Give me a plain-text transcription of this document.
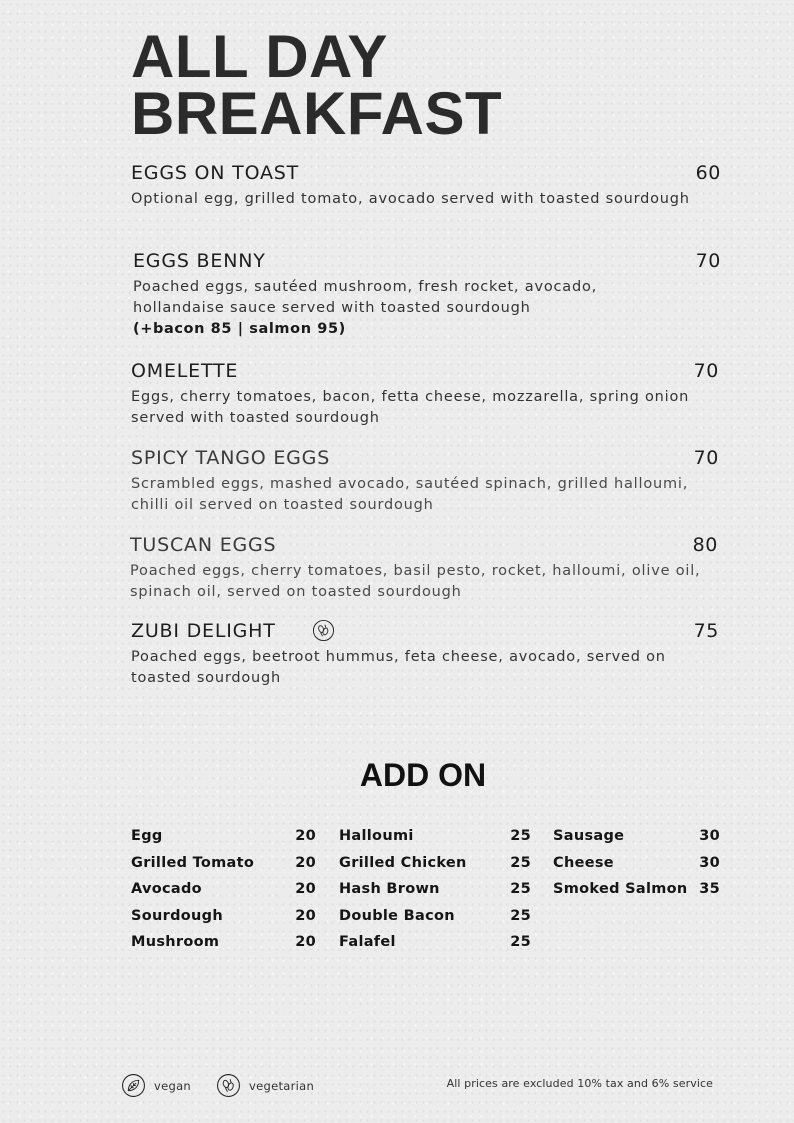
ALL DAY
BREAKFAST
EGGS ON TOAST	60
Optional egg, grilled tomato, avocado served with toasted sourdough
EGGS BENNY	70
Poached eggs, sautéed mushroom, fresh rocket, avocado, hollandaise sauce served with toasted sourdough
(+bacon 85 | salmon 95)
OMELETTE	70
Eggs, cherry tomatoes, bacon, fetta cheese, mozzarella, spring onion served with toasted sourdough
SPICY TANGO EGGS	70
Scrambled eggs, mashed avocado, sautéed spinach, grilled halloumi, chilli oil served on toasted sourdough
TUSCAN EGGS	80
Poached eggs, cherry tomatoes, basil pesto, rocket, halloumi, olive oil, spinach oil, served on toasted sourdough
ZUBI DELIGHT	75
Poached eggs, beetroot hummus, feta cheese, avocado, served on toasted sourdough
ADD ON
Egg	20
Grilled Tomato	20
Avocado	20
Sourdough	20
Mushroom	20
Halloumi	25
Grilled Chicken	25
Hash Brown	25
Double Bacon	25
Falafel	25
Sausage	30
Cheese	30
Smoked Salmon 35
vegan	vegetarian	All prices are excluded 10% tax and 6% service
